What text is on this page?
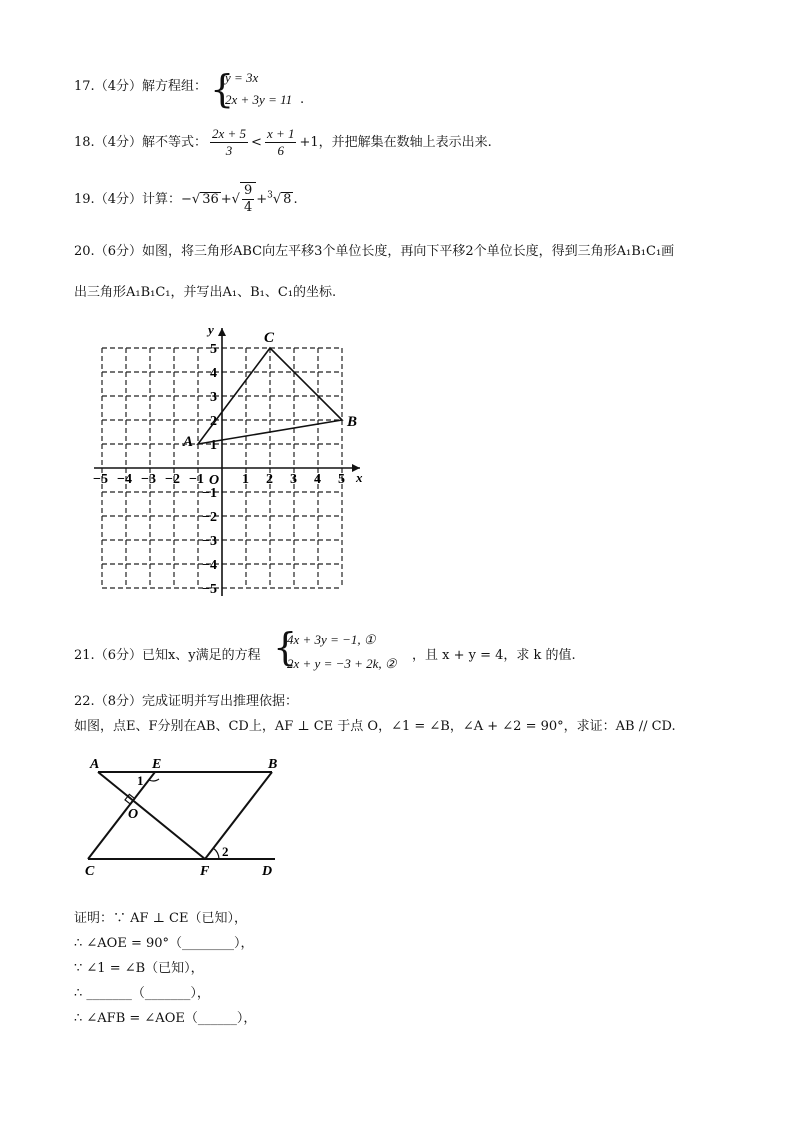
17.（4分）解方程组： {
y = 3x
2x + 3y = 11 .
18.（4分）解不等式： $\frac{2x + 5}{3} < \frac{x + 1}{6} +1$，并把解集在数轴上表示出来.
19.（4分）计算：−√ 36 +√ $\frac{9}{4} +^3√$ 8 .
20.（6分）如图，将三角形ABC向左平移3个单位长度，再向下平移2个单位长度，得到三角形A₁B₁C₁画
出三角形A₁B₁C₁，并写出A₁、B₁、C₁的坐标.
x
y
O
−5 −4 −3 −2 −1	1 2 3 4 5
5
4
3
2
1
−1
−2
−3
−4
−5
A
B
C
21.（6分）已知x、y满足的方程 {
4x + 3y = −1, ①
2x + y = −3 + 2k, ②
，且 x + y = 4，求 k 的值.
22.（8分）完成证明并写出推理依据：
如图，点E、F分别在AB、CD上，AF ⊥ CE 于点 O，∠1 = ∠B，∠A + ∠2 = 90°，求证：AB // CD.
A	E	B
1
O
2
C	F	D
证明：∵ AF ⊥ CE（已知），
∴ ∠AOE = 90°（________），
∵ ∠1 = ∠B（已知），
∴ _______（_______），
∴ ∠AFB = ∠AOE（______），
